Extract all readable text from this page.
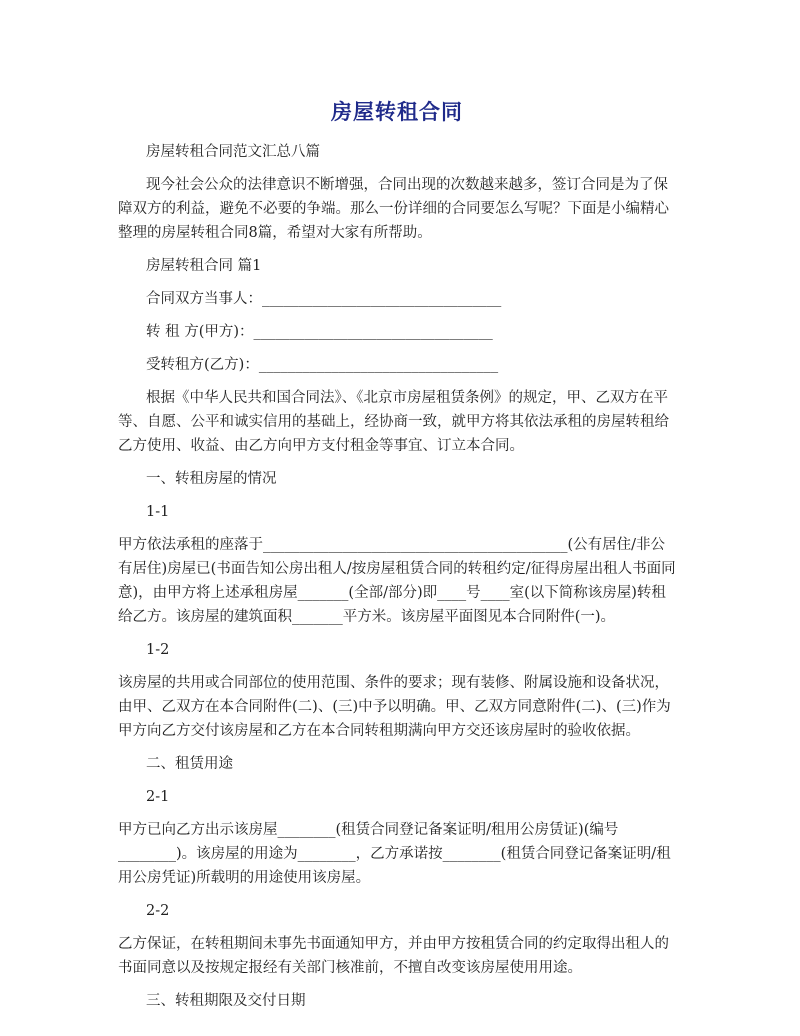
房屋转租合同

房屋转租合同范文汇总八篇

现今社会公众的法律意识不断增强，合同出现的次数越来越多，签订合同是为了保障双方的利益，避免不必要的争端。那么一份详细的合同要怎么写呢？下面是小编精心整理的房屋转租合同8篇，希望对大家有所帮助。

房屋转租合同 篇1

合同双方当事人：_________________________________

转 租 方(甲方)：_________________________________

受转租方(乙方)：_________________________________

根据《中华人民共和国合同法》、《北京市房屋租赁条例》的规定，甲、乙双方在平等、自愿、公平和诚实信用的基础上，经协商一致，就甲方将其依法承租的房屋转租给乙方使用、收益、由乙方向甲方支付租金等事宜、订立本合同。

一、转租房屋的情况

1-1

甲方依法承租的座落于__________________________________________(公有居住/非公有居住)房屋已(书面告知公房出租人/按房屋租赁合同的转租约定/征得房屋出租人书面同意)，由甲方将上述承租房屋_______(全部/部分)即____号____室(以下简称该房屋)转租给乙方。该房屋的建筑面积_______平方米。该房屋平面图见本合同附件(一)。

1-2

该房屋的共用或合同部位的使用范围、条件的要求；现有装修、附属设施和设备状况，由甲、乙双方在本合同附件(二)、(三)中予以明确。甲、乙双方同意附件(二)、(三)作为甲方向乙方交付该房屋和乙方在本合同转租期满向甲方交还该房屋时的验收依据。

二、租赁用途

2-1

甲方已向乙方出示该房屋________(租赁合同登记备案证明/租用公房赁证)(编号________)。该房屋的用途为________，乙方承诺按________(租赁合同登记备案证明/租用公房凭证)所载明的用途使用该房屋。

2-2

乙方保证，在转租期间未事先书面通知甲方，并由甲方按租赁合同的约定取得出租人的书面同意以及按规定报经有关部门核准前，不擅自改变该房屋使用用途。

三、转租期限及交付日期
